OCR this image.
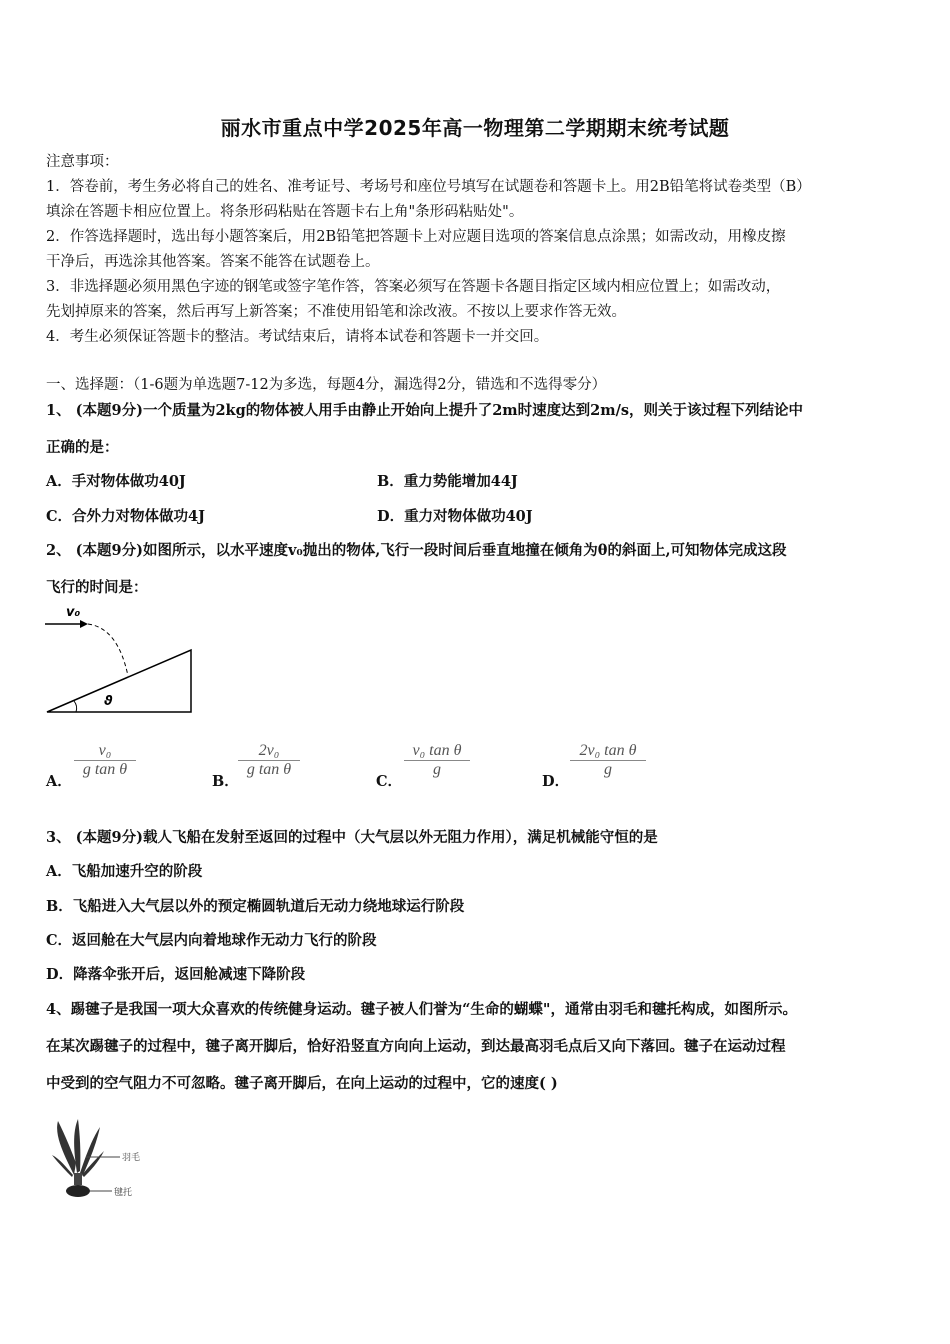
丽水市重点中学2025年高一物理第二学期期末统考试题
注意事项：
1．答卷前，考生务必将自己的姓名、准考证号、考场号和座位号填写在试题卷和答题卡上。用2B铅笔将试卷类型（B）
填涂在答题卡相应位置上。将条形码粘贴在答题卡右上角"条形码粘贴处"。
2．作答选择题时，选出每小题答案后，用2B铅笔把答题卡上对应题目选项的答案信息点涂黑；如需改动，用橡皮擦
干净后，再选涂其他答案。答案不能答在试题卷上。
3．非选择题必须用黑色字迹的钢笔或签字笔作答，答案必须写在答题卡各题目指定区域内相应位置上；如需改动，
先划掉原来的答案，然后再写上新答案；不准使用铅笔和涂改液。不按以上要求作答无效。
4．考生必须保证答题卡的整洁。考试结束后，请将本试卷和答题卡一并交回。
一、选择题：（1-6题为单选题7-12为多选，每题4分，漏选得2分，错选和不选得零分）
1、 (本题9分)一个质量为2kg的物体被人用手由静止开始向上提升了2m时速度达到2m/s，则关于该过程下列结论中
正确的是：
A．手对物体做功40J	B．重力势能增加44J
C．合外力对物体做功4J	D．重力对物体做功40J
2、 (本题9分)如图所示，以水平速度v₀抛出的物体,飞行一段时间后垂直地撞在倾角为θ的斜面上,可知物体完成这段
飞行的时间是：
v₀
ϑ
A．
$\frac{\text{v₀}}{\text{g tan θ}}$
B．
$\frac{\text{2v₀}}{\text{g tan θ}}$
C．
$\frac{\text{v₀ tan θ}}{g}$
D．
$\frac{\text{2v₀ tan θ}}{g}$
3、 (本题9分)载人飞船在发射至返回的过程中（大气层以外无阻力作用），满足机械能守恒的是
A．飞船加速升空的阶段
B．飞船进入大气层以外的预定椭圆轨道后无动力绕地球运行阶段
C．返回舱在大气层内向着地球作无动力飞行的阶段
D．降落伞张开后，返回舱减速下降阶段
4、踢毽子是我国一项大众喜欢的传统健身运动。毽子被人们誉为“生命的蝴蝶"，通常由羽毛和毽托构成，如图所示。
在某次踢毽子的过程中，毽子离开脚后，恰好沿竖直方向向上运动，到达最高羽毛点后又向下落回。毽子在运动过程
中受到的空气阻力不可忽略。毽子离开脚后，在向上运动的过程中，它的速度( )
羽毛
毽托
